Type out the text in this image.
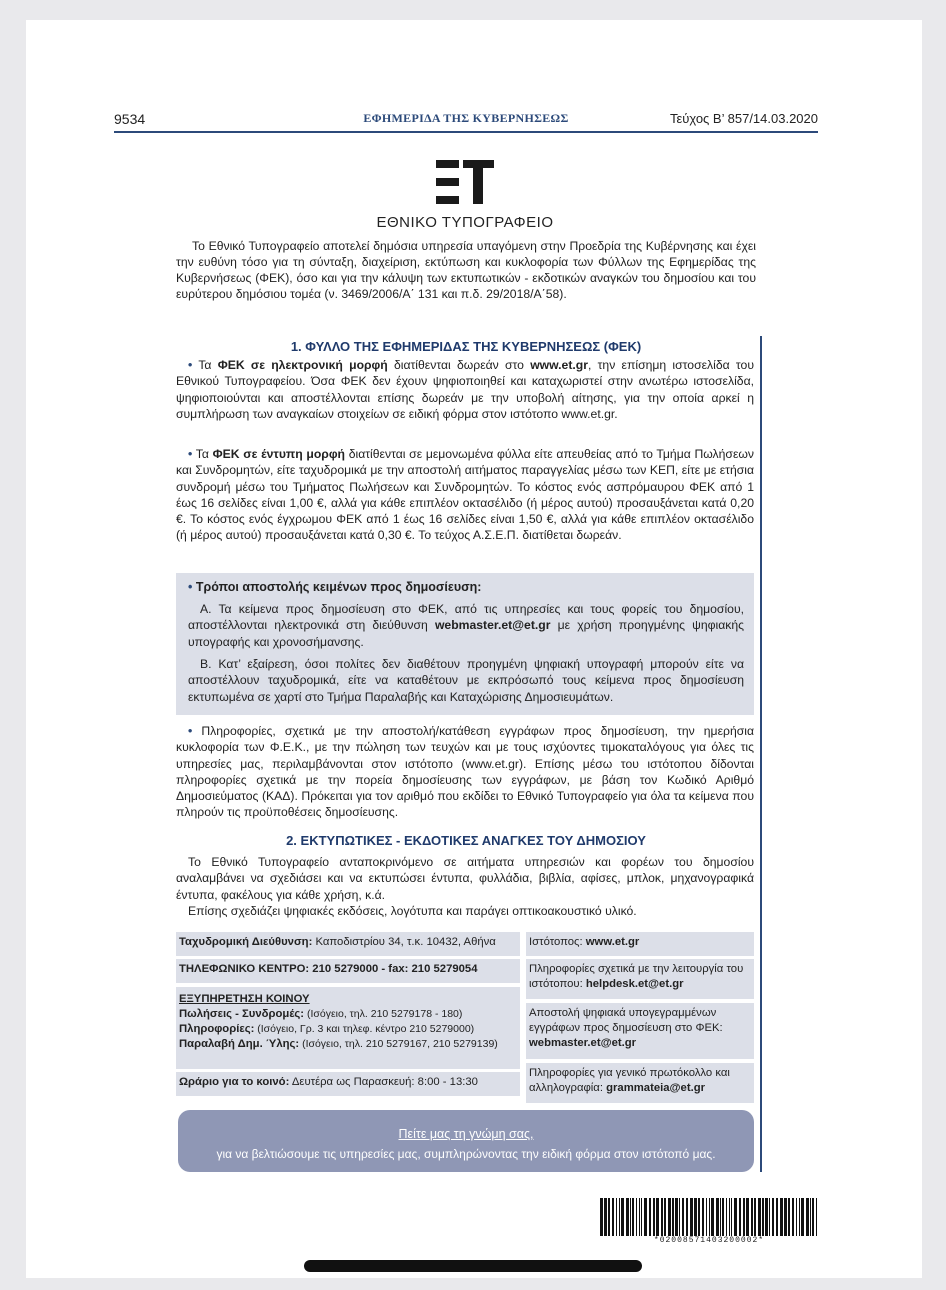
9534	ΕΦΗΜΕΡΙΔΑ ΤΗΣ ΚΥΒΕΡΝΗΣΕΩΣ	Τεύχος Β’ 857/14.03.2020
ΕΘΝΙΚΟ ΤΥΠΟΓΡΑΦΕΙΟ
Το Εθνικό Τυπογραφείο αποτελεί δημόσια υπηρεσία υπαγόμενη στην Προεδρία της Κυβέρνησης και έχει την ευθύνη τόσο για τη σύνταξη, διαχείριση, εκτύπωση και κυκλοφορία των Φύλλων της Εφημερίδας της Κυβερνήσεως (ΦΕΚ), όσο και για την κάλυψη των εκτυπωτικών - εκδοτικών αναγκών του δημοσίου και του ευρύτερου δημόσιου τομέα (ν. 3469/2006/Α΄ 131 και π.δ. 29/2018/Α΄58).
1. ΦΥΛΛΟ ΤΗΣ ΕΦΗΜΕΡΙΔΑΣ ΤΗΣ ΚΥΒΕΡΝΗΣΕΩΣ (ΦΕΚ)
• Τα ΦΕΚ σε ηλεκτρονική μορφή διατίθενται δωρεάν στο www.et.gr, την επίσημη ιστοσελίδα του Εθνικού Τυπογραφείου. Όσα ΦΕΚ δεν έχουν ψηφιοποιηθεί και καταχωριστεί στην ανωτέρω ιστοσελίδα, ψηφιοποιούνται και αποστέλλονται επίσης δωρεάν με την υποβολή αίτησης, για την οποία αρκεί η συμπλήρωση των αναγκαίων στοιχείων σε ειδική φόρμα στον ιστότοπο www.et.gr.
• Τα ΦΕΚ σε έντυπη μορφή διατίθενται σε μεμονωμένα φύλλα είτε απευθείας από το Τμήμα Πωλήσεων και Συνδρομητών, είτε ταχυδρομικά με την αποστολή αιτήματος παραγγελίας μέσω των ΚΕΠ, είτε με ετήσια συνδρομή μέσω του Τμήματος Πωλήσεων και Συνδρομητών. Το κόστος ενός ασπρόμαυρου ΦΕΚ από 1 έως 16 σελίδες είναι 1,00 €, αλλά για κάθε επιπλέον οκτασέλιδο (ή μέρος αυτού) προσαυξάνεται κατά 0,20 €. Το κόστος ενός έγχρωμου ΦΕΚ από 1 έως 16 σελίδες είναι 1,50 €, αλλά για κάθε επιπλέον οκτασέλιδο (ή μέρος αυτού) προσαυξάνεται κατά 0,30 €. Το τεύχος Α.Σ.Ε.Π. διατίθεται δωρεάν.
• Τρόποι αποστολής κειμένων προς δημοσίευση:
Α. Τα κείμενα προς δημοσίευση στο ΦΕΚ, από τις υπηρεσίες και τους φορείς του δημοσίου, αποστέλλονται ηλεκτρονικά στη διεύθυνση webmaster.et@et.gr με χρήση προηγμένης ψηφιακής υπογραφής και χρονοσήμανσης.
Β. Κατ’ εξαίρεση, όσοι πολίτες δεν διαθέτουν προηγμένη ψηφιακή υπογραφή μπορούν είτε να αποστέλλουν ταχυδρομικά, είτε να καταθέτουν με εκπρόσωπό τους κείμενα προς δημοσίευση εκτυπωμένα σε χαρτί στο Τμήμα Παραλαβής και Καταχώρισης Δημοσιευμάτων.
• Πληροφορίες, σχετικά με την αποστολή/κατάθεση εγγράφων προς δημοσίευση, την ημερήσια κυκλοφορία των Φ.Ε.Κ., με την πώληση των τευχών και με τους ισχύοντες τιμοκαταλόγους για όλες τις υπηρεσίες μας, περιλαμβάνονται στον ιστότοπο (www.et.gr). Επίσης μέσω του ιστότοπου δίδονται πληροφορίες σχετικά με την πορεία δημοσίευσης των εγγράφων, με βάση τον Κωδικό Αριθμό Δημοσιεύματος (ΚΑΔ). Πρόκειται για τον αριθμό που εκδίδει το Εθνικό Τυπογραφείο για όλα τα κείμενα που πληρούν τις προϋποθέσεις δημοσίευσης.
2. ΕΚΤΥΠΩΤΙΚΕΣ - ΕΚΔΟΤΙΚΕΣ ΑΝΑΓΚΕΣ ΤΟΥ ΔΗΜΟΣΙΟΥ
Το Εθνικό Τυπογραφείο ανταποκρινόμενο σε αιτήματα υπηρεσιών και φορέων του δημοσίου αναλαμβάνει να σχεδιάσει και να εκτυπώσει έντυπα, φυλλάδια, βιβλία, αφίσες, μπλοκ, μηχανογραφικά έντυπα, φακέλους για κάθε χρήση, κ.ά.
Επίσης σχεδιάζει ψηφιακές εκδόσεις, λογότυπα και παράγει οπτικοακουστικό υλικό.
Ταχυδρομική Διεύθυνση: Καποδιστρίου 34, τ.κ. 10432, Αθήνα
ΤΗΛΕΦΩΝΙΚΟ ΚΕΝΤΡΟ: 210 5279000 - fax: 210 5279054
ΕΞΥΠΗΡΕΤΗΣΗ ΚΟΙΝΟΥ
Πωλήσεις - Συνδρομές: (Ισόγειο, τηλ. 210 5279178 - 180)
Πληροφορίες: (Ισόγειο, Γρ. 3 και τηλεφ. κέντρο 210 5279000)
Παραλαβή Δημ. Ύλης: (Ισόγειο, τηλ. 210 5279167, 210 5279139)
Ωράριο για το κοινό: Δευτέρα ως Παρασκευή: 8:00 - 13:30
Ιστότοπος: www.et.gr
Πληροφορίες σχετικά με την λειτουργία του ιστότοπου: helpdesk.et@et.gr
Αποστολή ψηφιακά υπογεγραμμένων εγγράφων προς δημοσίευση στο ΦΕΚ: webmaster.et@et.gr
Πληροφορίες για γενικό πρωτόκολλο και αλληλογραφία: grammateia@et.gr
Πείτε μας τη γνώμη σας,
για να βελτιώσουμε τις υπηρεσίες μας, συμπληρώνοντας την ειδική φόρμα στον ιστότοπό μας.
*02008571403200002*
